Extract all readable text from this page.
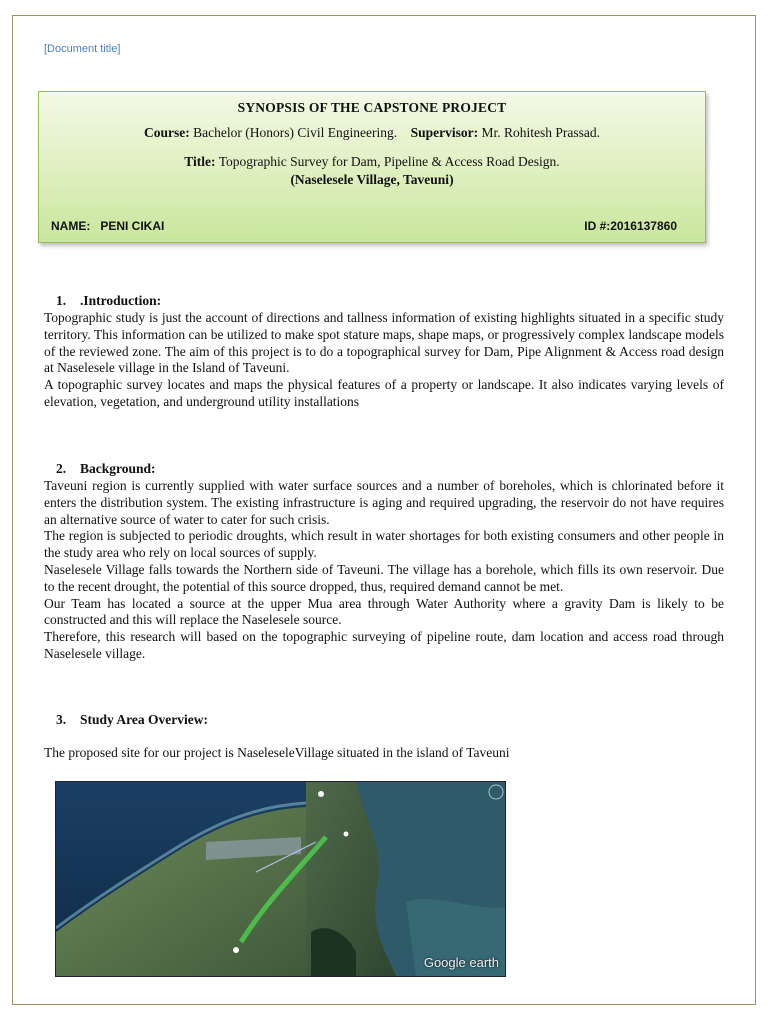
[Document title]
SYNOPSIS OF THE CAPSTONE PROJECT
Course: Bachelor (Honors) Civil Engineering. Supervisor: Mr. Rohitesh Prassad.
Title: Topographic Survey for Dam, Pipeline & Access Road Design.
(Naselesele Village, Taveuni)
NAME: PENI CIKAI	ID #:2016137860
1. .Introduction:

Topographic study is just the account of directions and tallness information of existing highlights situated in a specific study territory. This information can be utilized to make spot stature maps, shape maps, or progressively complex landscape models of the reviewed zone. The aim of this project is to do a topographical survey for Dam, Pipe Alignment & Access road design at Naselesele village in the Island of Taveuni.

A topographic survey locates and maps the physical features of a property or landscape. It also indicates varying levels of elevation, vegetation, and underground utility installations

2. Background:

Taveuni region is currently supplied with water surface sources and a number of boreholes, which is chlorinated before it enters the distribution system. The existing infrastructure is aging and required upgrading, the reservoir do not have requires an alternative source of water to cater for such crisis.

The region is subjected to periodic droughts, which result in water shortages for both existing consumers and other people in the study area who rely on local sources of supply.

Naselesele Village falls towards the Northern side of Taveuni. The village has a borehole, which fills its own reservoir. Due to the recent drought, the potential of this source dropped, thus, required demand cannot be met.

Our Team has located a source at the upper Mua area through Water Authority where a gravity Dam is likely to be constructed and this will replace the Naselesele source.

Therefore, this research will based on the topographic surveying of pipeline route, dam location and access road through Naselesele village.

3. Study Area Overview:
The proposed site for our project is NaseleseleVillage situated in the island of Taveuni
Google earth
